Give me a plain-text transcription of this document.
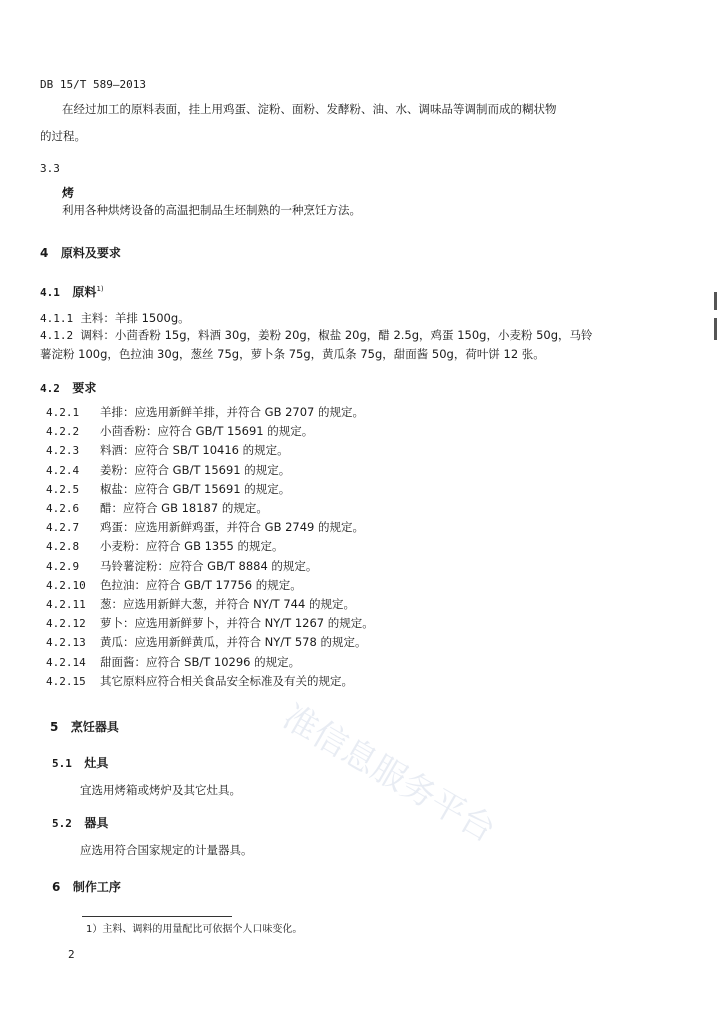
准信息服务平台
DB 15/T 589—2013
在经过加工的原料表面，挂上用鸡蛋、淀粉、面粉、发酵粉、油、水、调味品等调制而成的糊状物
的过程。
3.3
烤
利用各种烘烤设备的高温把制品生坯制熟的一种烹饪方法。
4 原料及要求
4.1 原料$^{1)}$
4.1.1 主料：羊排 1500g。
4.1.2 调料：小茴香粉 15g，料酒 30g，姜粉 20g，椒盐 20g，醋 2.5g，鸡蛋 150g，小麦粉 50g，马铃
薯淀粉 100g，色拉油 30g，葱丝 75g，萝卜条 75g，黄瓜条 75g，甜面酱 50g，荷叶饼 12 张。
4.2 要求
4.2.1 羊排：应选用新鲜羊排，并符合 GB 2707 的规定。
4.2.2 小茴香粉：应符合 GB/T 15691 的规定。
4.2.3 料酒：应符合 SB/T 10416 的规定。
4.2.4 姜粉：应符合 GB/T 15691 的规定。
4.2.5 椒盐：应符合 GB/T 15691 的规定。
4.2.6 醋：应符合 GB 18187 的规定。
4.2.7 鸡蛋：应选用新鲜鸡蛋，并符合 GB 2749 的规定。
4.2.8 小麦粉：应符合 GB 1355 的规定。
4.2.9 马铃薯淀粉：应符合 GB/T 8884 的规定。
4.2.10 色拉油：应符合 GB/T 17756 的规定。
4.2.11 葱：应选用新鲜大葱，并符合 NY/T 744 的规定。
4.2.12 萝卜：应选用新鲜萝卜，并符合 NY/T 1267 的规定。
4.2.13 黄瓜：应选用新鲜黄瓜，并符合 NY/T 578 的规定。
4.2.14 甜面酱：应符合 SB/T 10296 的规定。
4.2.15 其它原料应符合相关食品安全标准及有关的规定。
5 烹饪器具
5.1 灶具
宜选用烤箱或烤炉及其它灶具。
5.2 器具
应选用符合国家规定的计量器具。
6 制作工序
1）主料、调料的用量配比可依据个人口味变化。
2
